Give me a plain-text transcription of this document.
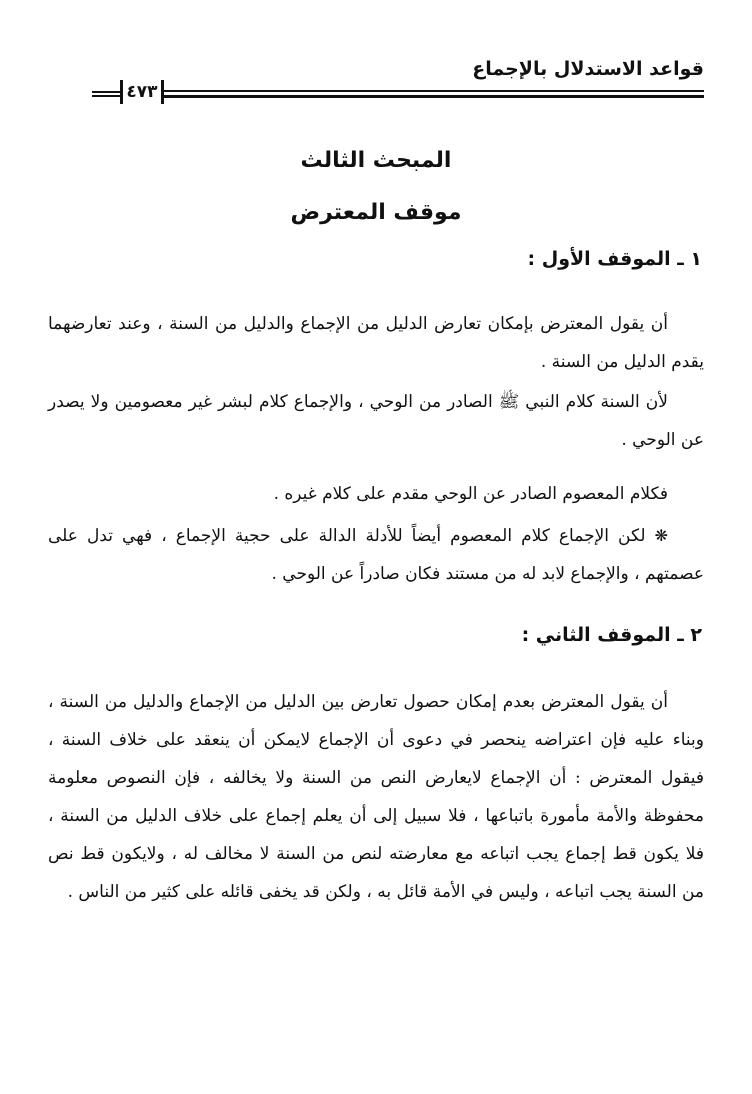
قواعد الاستدلال بالإجماع
٤٧٣
المبحث الثالث
موقف المعترض
١ ـ الموقف الأول :

أن يقول المعترض بإمكان تعارض الدليل من الإجماع والدليل من السنة ، وعند تعارضهما يقدم الدليل من السنة .

لأن السنة كلام النبي ﷺ الصادر من الوحي ، والإجماع كلام لبشر غير معصومين ولا يصدر عن الوحي .

فكلام المعصوم الصادر عن الوحي مقدم على كلام غيره .

❋ لكن الإجماع كلام المعصوم أيضاً للأدلة الدالة على حجية الإجماع ، فهي تدل على عصمتهم ، والإجماع لابد له من مستند فكان صادراً عن الوحي .

٢ ـ الموقف الثاني :

أن يقول المعترض بعدم إمكان حصول تعارض بين الدليل من الإجماع والدليل من السنة ، وبناء عليه فإن اعتراضه ينحصر في دعوى أن الإجماع لايمكن أن ينعقد على خلاف السنة ، فيقول المعترض : أن الإجماع لايعارض النص من السنة ولا يخالفه ، فإن النصوص معلومة محفوظة والأمة مأمورة باتباعها ، فلا سبيل إلى أن يعلم إجماع على خلاف الدليل من السنة ، فلا يكون قط إجماع يجب اتباعه مع معارضته لنص من السنة لا مخالف له ، ولايكون قط نص من السنة يجب اتباعه ، وليس في الأمة قائل به ، ولكن قد يخفى قائله على كثير من الناس .
